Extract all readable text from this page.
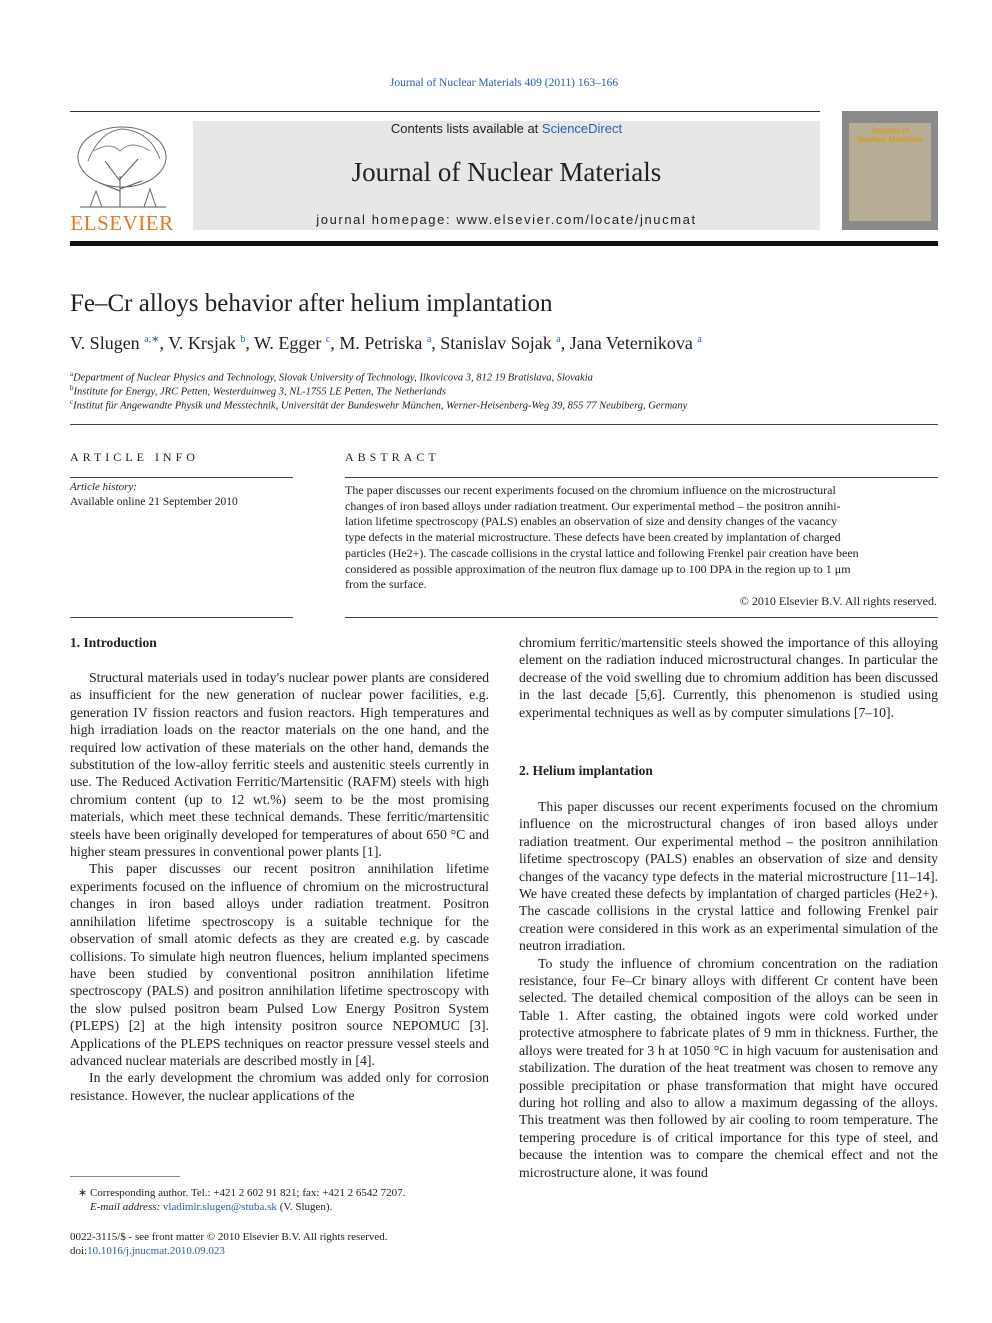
Journal of Nuclear Materials 409 (2011) 163–166
ELSEVIER
Contents lists available at ScienceDirect
Journal of Nuclear Materials
journal homepage: www.elsevier.com/locate/jnucmat
Journal of
Nuclear Materials
Fe–Cr alloys behavior after helium implantation
V. Slugen $^{a,∗}$, V. Krsjak $^b$, W. Egger $^c$, M. Petriska $^a$, Stanislav Sojak $^a$, Jana Veternikova $^a$
$^a$Department of Nuclear Physics and Technology, Slovak University of Technology, Ilkovicova 3, 812 19 Bratislava, Slovakia
$^b$Institute for Energy, JRC Petten, Westerduinweg 3, NL-1755 LE Petten, The Netherlands
$^c$Institut für Angewandte Physik und Messtechnik, Universität der Bundeswehr München, Werner-Heisenberg-Weg 39, 855 77 Neubiberg, Germany
ARTICLE INFO
Article history:
Available online 21 September 2010
ABSTRACT
The paper discusses our recent experiments focused on the chromium influence on the microstructural
changes of iron based alloys under radiation treatment. Our experimental method – the positron annihi-
lation lifetime spectroscopy (PALS) enables an observation of size and density changes of the vacancy
type defects in the material microstructure. These defects have been created by implantation of charged
particles (He2+). The cascade collisions in the crystal lattice and following Frenkel pair creation have been
considered as possible approximation of the neutron flux damage up to 100 DPA in the region up to 1 μm
from the surface.
© 2010 Elsevier B.V. All rights reserved.
1. Introduction

Structural materials used in today's nuclear power plants are considered as insufficient for the new generation of nuclear power facilities, e.g. generation IV fission reactors and fusion reactors. High temperatures and high irradiation loads on the reactor materials on the one hand, and the required low activation of these materials on the other hand, demands the substitution of the low-alloy ferritic steels and austenitic steels currently in use. The Reduced Activation Ferritic/Martensitic (RAFM) steels with high chromium content (up to 12 wt.%) seem to be the most promising materials, which meet these technical demands. These ferritic/martensitic steels have been originally developed for temperatures of about 650 °C and higher steam pressures in conventional power plants [1].

This paper discusses our recent positron annihilation lifetime experiments focused on the influence of chromium on the microstructural changes in iron based alloys under radiation treatment. Positron annihilation lifetime spectroscopy is a suitable technique for the observation of small atomic defects as they are created e.g. by cascade collisions. To simulate high neutron fluences, helium implanted specimens have been studied by conventional positron annihilation lifetime spectroscopy (PALS) and positron annihilation lifetime spectroscopy with the slow pulsed positron beam Pulsed Low Energy Positron System (PLEPS) [2] at the high intensity positron source NEPOMUC [3]. Applications of the PLEPS techniques on reactor pressure vessel steels and advanced nuclear materials are described mostly in [4].

In the early development the chromium was added only for corrosion resistance. However, the nuclear applications of the

chromium ferritic/martensitic steels showed the importance of this alloying element on the radiation induced microstructural changes. In particular the decrease of the void swelling due to chromium addition has been discussed in the last decade [5,6]. Currently, this phenomenon is studied using experimental techniques as well as by computer simulations [7–10].

2. Helium implantation

This paper discusses our recent experiments focused on the chromium influence on the microstructural changes of iron based alloys under radiation treatment. Our experimental method – the positron annihilation lifetime spectroscopy (PALS) enables an observation of size and density changes of the vacancy type defects in the material microstructure [11–14]. We have created these defects by implantation of charged particles (He2+). The cascade collisions in the crystal lattice and following Frenkel pair creation were considered in this work as an experimental simulation of the neutron irradiation.

To study the influence of chromium concentration on the radiation resistance, four Fe–Cr binary alloys with different Cr content have been selected. The detailed chemical composition of the alloys can be seen in Table 1. After casting, the obtained ingots were cold worked under protective atmosphere to fabricate plates of 9 mm in thickness. Further, the alloys were treated for 3 h at 1050 °C in high vacuum for austenisation and stabilization. The duration of the heat treatment was chosen to remove any possible precipitation or phase transformation that might have occured during hot rolling and also to allow a maximum degassing of the alloys. This treatment was then followed by air cooling to room temperature. The tempering procedure is of critical importance for this type of steel, and because the intention was to compare the chemical effect and not the microstructure alone, it was found

∗ Corresponding author. Tel.: +421 2 602 91 821; fax: +421 2 6542 7207.
E-mail address: vladimir.slugen@stuba.sk (V. Slugen).
0022-3115/$ - see front matter © 2010 Elsevier B.V. All rights reserved.
doi:10.1016/j.jnucmat.2010.09.023
